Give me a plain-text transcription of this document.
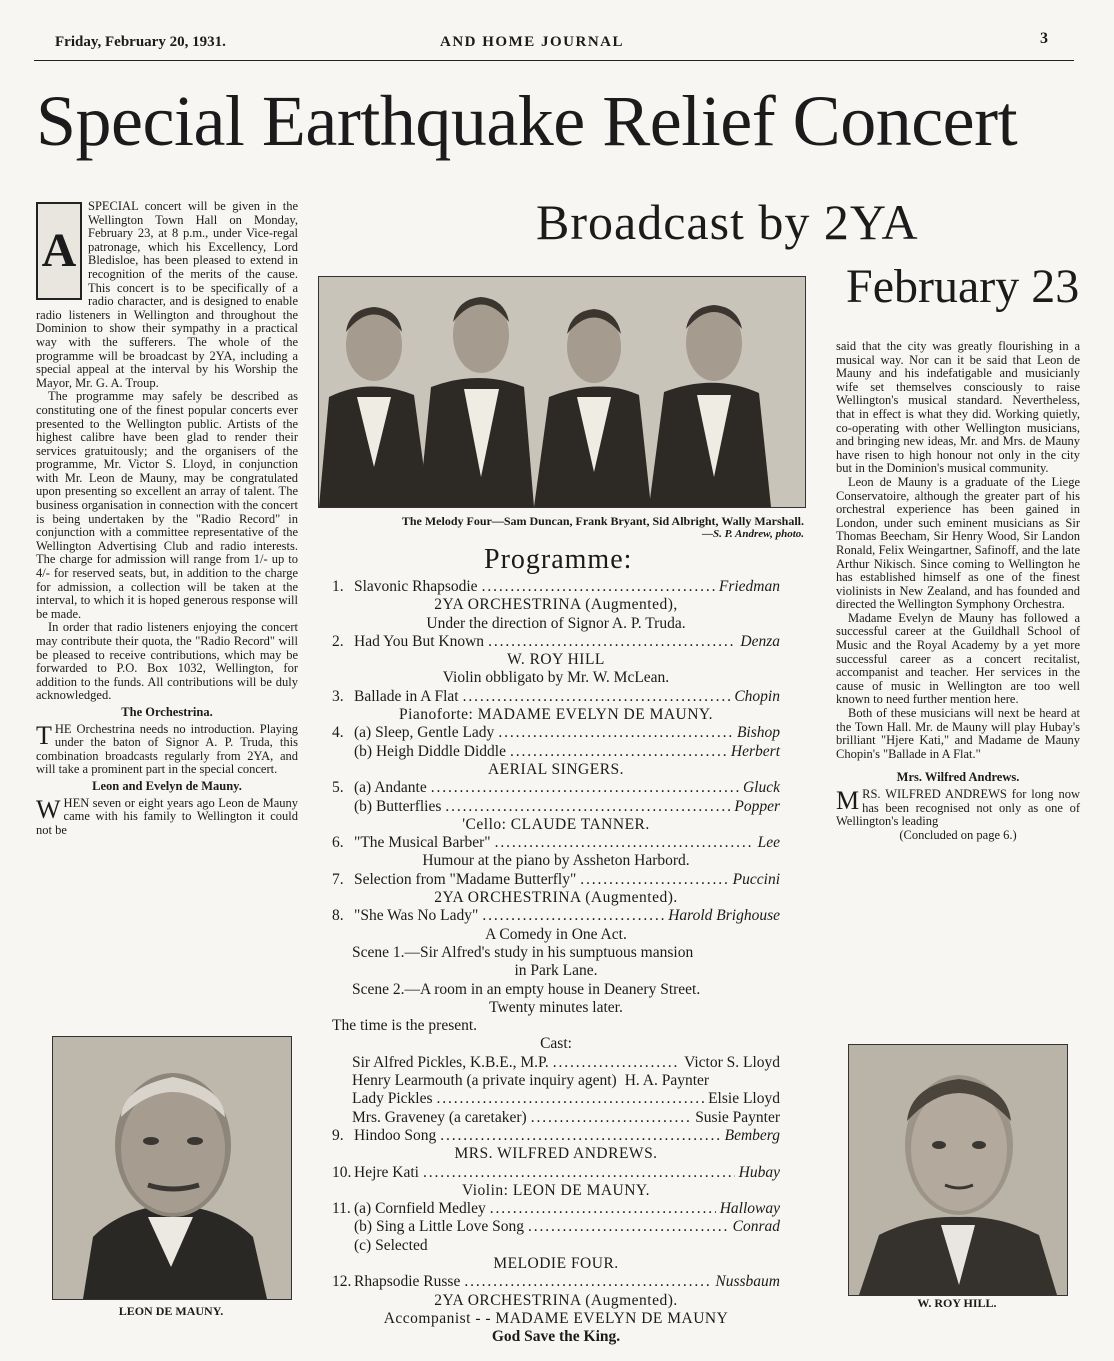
Friday, February 20, 1931.	AND HOME JOURNAL	3
Special Earthquake Relief Concert
Broadcast by 2YA
February 23
A

SPECIAL concert will be given in the Wellington Town Hall on Monday, February 23, at 8 p.m., under Vice-regal patronage, which his Excellency, Lord Bledisloe, has been pleased to extend in recognition of the merits of the cause. This concert is to be specifically of a radio character, and is designed to enable radio listeners in Wellington and throughout the Dominion to show their sympathy in a practical way with the sufferers. The whole of the programme will be broadcast by 2YA, including a special appeal at the interval by his Worship the Mayor, Mr. G. A. Troup.

The programme may safely be described as constituting one of the finest popular concerts ever presented to the Wellington public. Artists of the highest calibre have been glad to render their services gratuitously; and the organisers of the programme, Mr. Victor S. Lloyd, in conjunction with Mr. Leon de Mauny, may be congratulated upon presenting so excellent an array of talent. The business organisation in connection with the concert is being undertaken by the "Radio Record" in conjunction with a committee representative of the Wellington Advertising Club and radio interests. The charge for admission will range from 1/- up to 4/- for reserved seats, but, in addition to the charge for admission, a collection will be taken at the interval, to which it is hoped generous response will be made.

In order that radio listeners enjoying the concert may contribute their quota, the "Radio Record" will be pleased to receive contributions, which may be forwarded to P.O. Box 1032, Wellington, for addition to the funds. All contributions will be duly acknowledged.

The Orchestrina.

THE Orchestrina needs no introduction. Playing under the baton of Signor A. P. Truda, this combination broadcasts regularly from 2YA, and will take a prominent part in the special concert.

Leon and Evelyn de Mauny.

WHEN seven or eight years ago Leon de Mauny came with his family to Wellington it could not be

LEON DE MAUNY.
The Melody Four—Sam Duncan, Frank Bryant, Sid Albright, Wally Marshall.
—S. P. Andrew, photo.
Programme:
1. Slavonic Rhapsodie . . .	Friedman
2YA ORCHESTRINA (Augmented),
Under the direction of Signor A. P. Truda.
2. Had You But Known . . .	Denza
W. ROY HILL
Violin obbligato by Mr. W. McLean.
3. Ballade in A Flat . . .	Chopin
Pianoforte: MADAME EVELYN DE MAUNY.
4. (a) Sleep, Gentle Lady . . .	Bishop
(b) Heigh Diddle Diddle . . .	Herbert
AERIAL SINGERS.
5. (a) Andante . . .	Gluck
(b) Butterflies . . .	Popper
'Cello: CLAUDE TANNER.
6. "The Musical Barber" . . .	Lee
Humour at the piano by Assheton Harbord.
7. Selection from "Madame Butterfly" . . .	Puccini
2YA ORCHESTRINA (Augmented).
8. "She Was No Lady" . . .	Harold Brighouse
A Comedy in One Act.
Scene 1.—Sir Alfred's study in his sumptuous mansion
in Park Lane.
Scene 2.—A room in an empty house in Deanery Street.
Twenty minutes later.
The time is the present.
Cast:
Sir Alfred Pickles, K.B.E., M.P. . . .	Victor S. Lloyd
Henry Learmouth (a private inquiry agent) H. A. Paynter
Lady Pickles . . .	Elsie Lloyd
Mrs. Graveney (a caretaker) . . .	Susie Paynter
9. Hindoo Song . . .	Bemberg
MRS. WILFRED ANDREWS.
10. Hejre Kati . . .	Hubay
Violin: LEON DE MAUNY.
11. (a) Cornfield Medley . . .	Halloway
(b) Sing a Little Love Song . . .	Conrad
(c) Selected
MELODIE FOUR.
12. Rhapsodie Russe . . .	Nussbaum
2YA ORCHESTRINA (Augmented).
Accompanist - - MADAME EVELYN DE MAUNY
God Save the King.

said that the city was greatly flourishing in a musical way. Nor can it be said that Leon de Mauny and his indefatigable and musicianly wife set themselves consciously to raise Wellington's musical standard. Nevertheless, that in effect is what they did. Working quietly, co-operating with other Wellington musicians, and bringing new ideas, Mr. and Mrs. de Mauny have risen to high honour not only in the city but in the Dominion's musical community.

Leon de Mauny is a graduate of the Liege Conservatoire, although the greater part of his orchestral experience has been gained in London, under such eminent musicians as Sir Thomas Beecham, Sir Henry Wood, Sir Landon Ronald, Felix Weingartner, Safinoff, and the late Arthur Nikisch. Since coming to Wellington he has established himself as one of the finest violinists in New Zealand, and has founded and directed the Wellington Symphony Orchestra.

Madame Evelyn de Mauny has followed a successful career at the Guildhall School of Music and the Royal Academy by a yet more successful career as a concert recitalist, accompanist and teacher. Her services in the cause of music in Wellington are too well known to need further mention here.

Both of these musicians will next be heard at the Town Hall. Mr. de Mauny will play Hubay's brilliant "Hjere Kati," and Madame de Mauny Chopin's "Ballade in A Flat."

Mrs. Wilfred Andrews.

MRS. WILFRED ANDREWS for long now has been recognised not only as one of Wellington's leading

(Concluded on page 6.)
W. ROY HILL.
